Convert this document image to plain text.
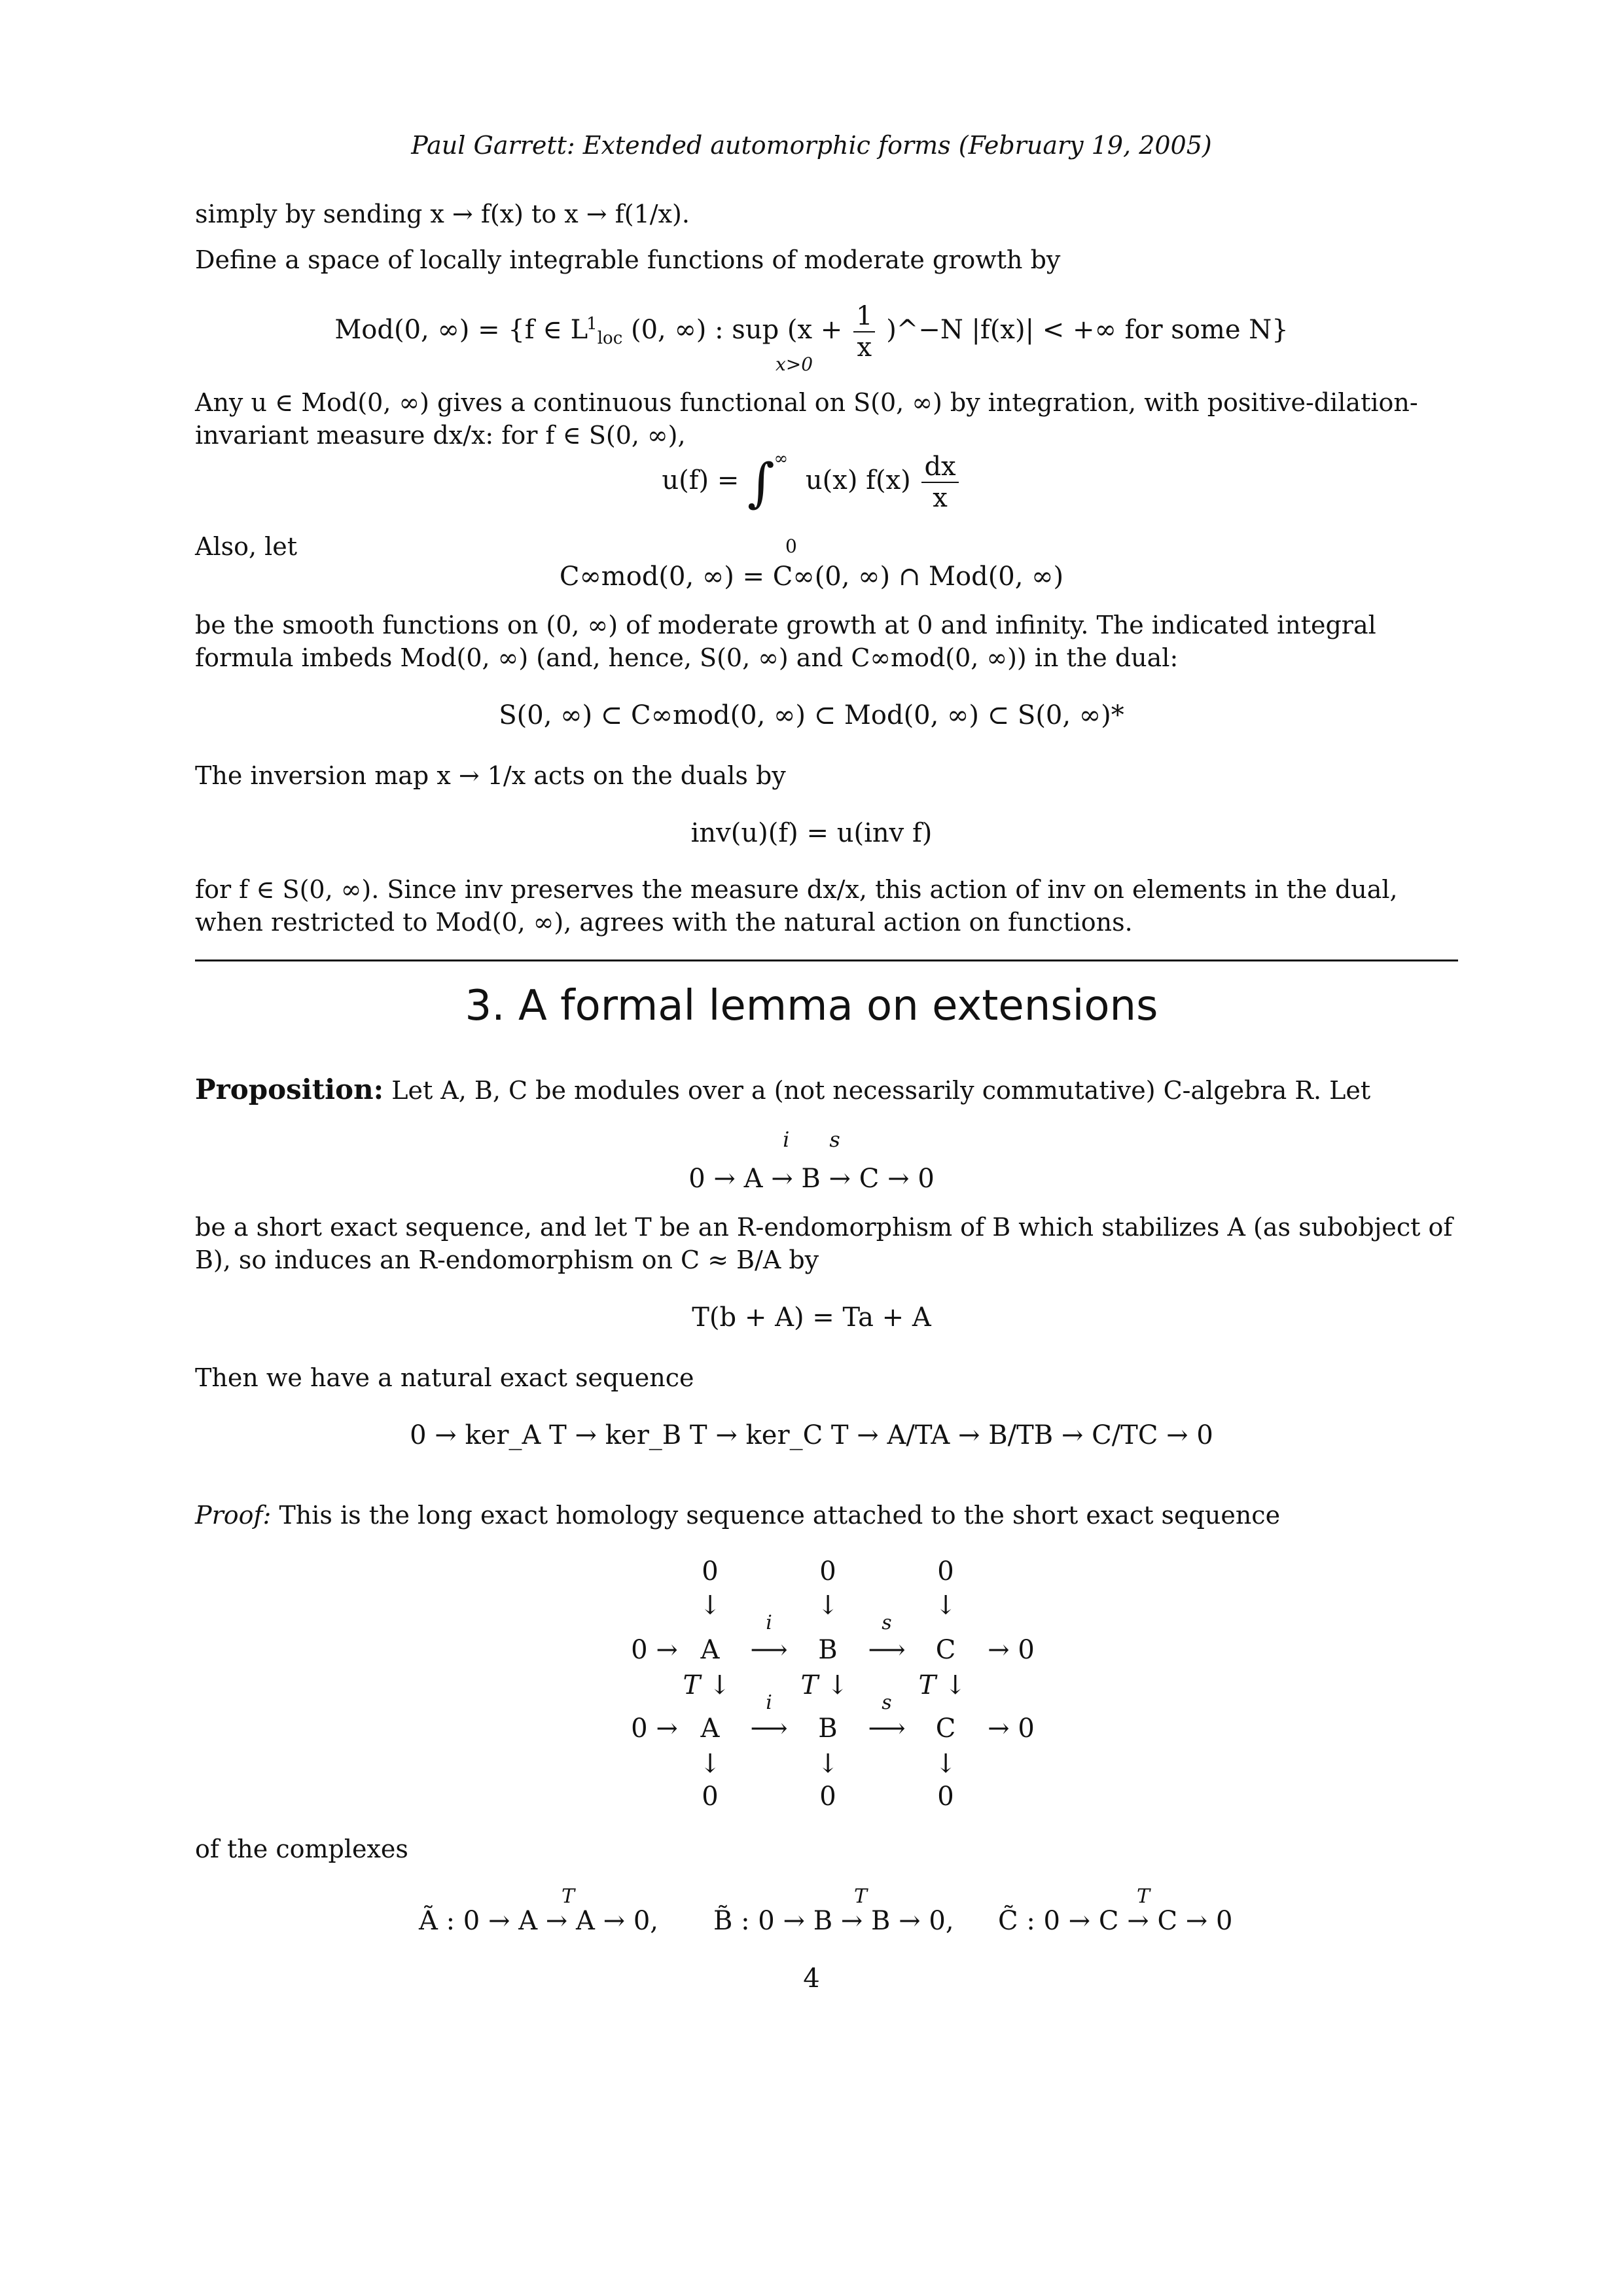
Paul Garrett: Extended automorphic forms (February 19, 2005)
simply by sending x → f(x) to x → f(1/x).
Define a space of locally integrable functions of moderate growth by
Mod(0, ∞) = {f ∈ $L^1_{loc}$ (0, ∞) : sup ($x + \frac{1}{x}$ )^−N |f(x)| < +∞ for some N}
x>0
Any u ∈ Mod(0, ∞) gives a continuous functional on S(0, ∞) by integration, with positive-dilation-invariant measure dx/x: for f ∈ S(0, ∞),
u(f) = ∫ ∞ u(x) $f(x) \frac{dx}{x}$
0
Also, let
C∞mod(0, ∞) = C∞(0, ∞) ∩ Mod(0, ∞)
be the smooth functions on (0, ∞) of moderate growth at 0 and infinity. The indicated integral formula imbeds Mod(0, ∞) (and, hence, S(0, ∞) and C∞mod(0, ∞)) in the dual:
S(0, ∞) ⊂ C∞mod(0, ∞) ⊂ Mod(0, ∞) ⊂ S(0, ∞)*
The inversion map x → 1/x acts on the duals by
inv(u)(f) = u(inv f)
for f ∈ S(0, ∞). Since inv preserves the measure dx/x, this action of inv on elements in the dual, when restricted to Mod(0, ∞), agrees with the natural action on functions.
3. A formal lemma on extensions
Proposition: Let A, B, C be modules over a (not necessarily commutative) C-algebra R. Let
i      s
0 → A → B → C → 0
be a short exact sequence, and let T be an R-endomorphism of B which stabilizes A (as subobject of B), so induces an R-endomorphism on C ≈ B/A by
T(b + A) = Ta + A
Then we have a natural exact sequence
0 → ker_A T → ker_B T → ker_C T → A/TA → B/TB → C/TC → 0
Proof: This is the long exact homology sequence attached to the short exact sequence
0	0	0
↓	↓	↓
i	s
0 → A	⟶	B	⟶	C	→ 0
T ↓	T ↓	T ↓
i	s
0 → A	⟶	B	⟶	C	→ 0
↓	↓	↓
0	0	0
of the complexes
T	T	T
Ã : 0 → A → A → 0, B̃ : 0 → B → B → 0, C̃ : 0 → C → C → 0
4
